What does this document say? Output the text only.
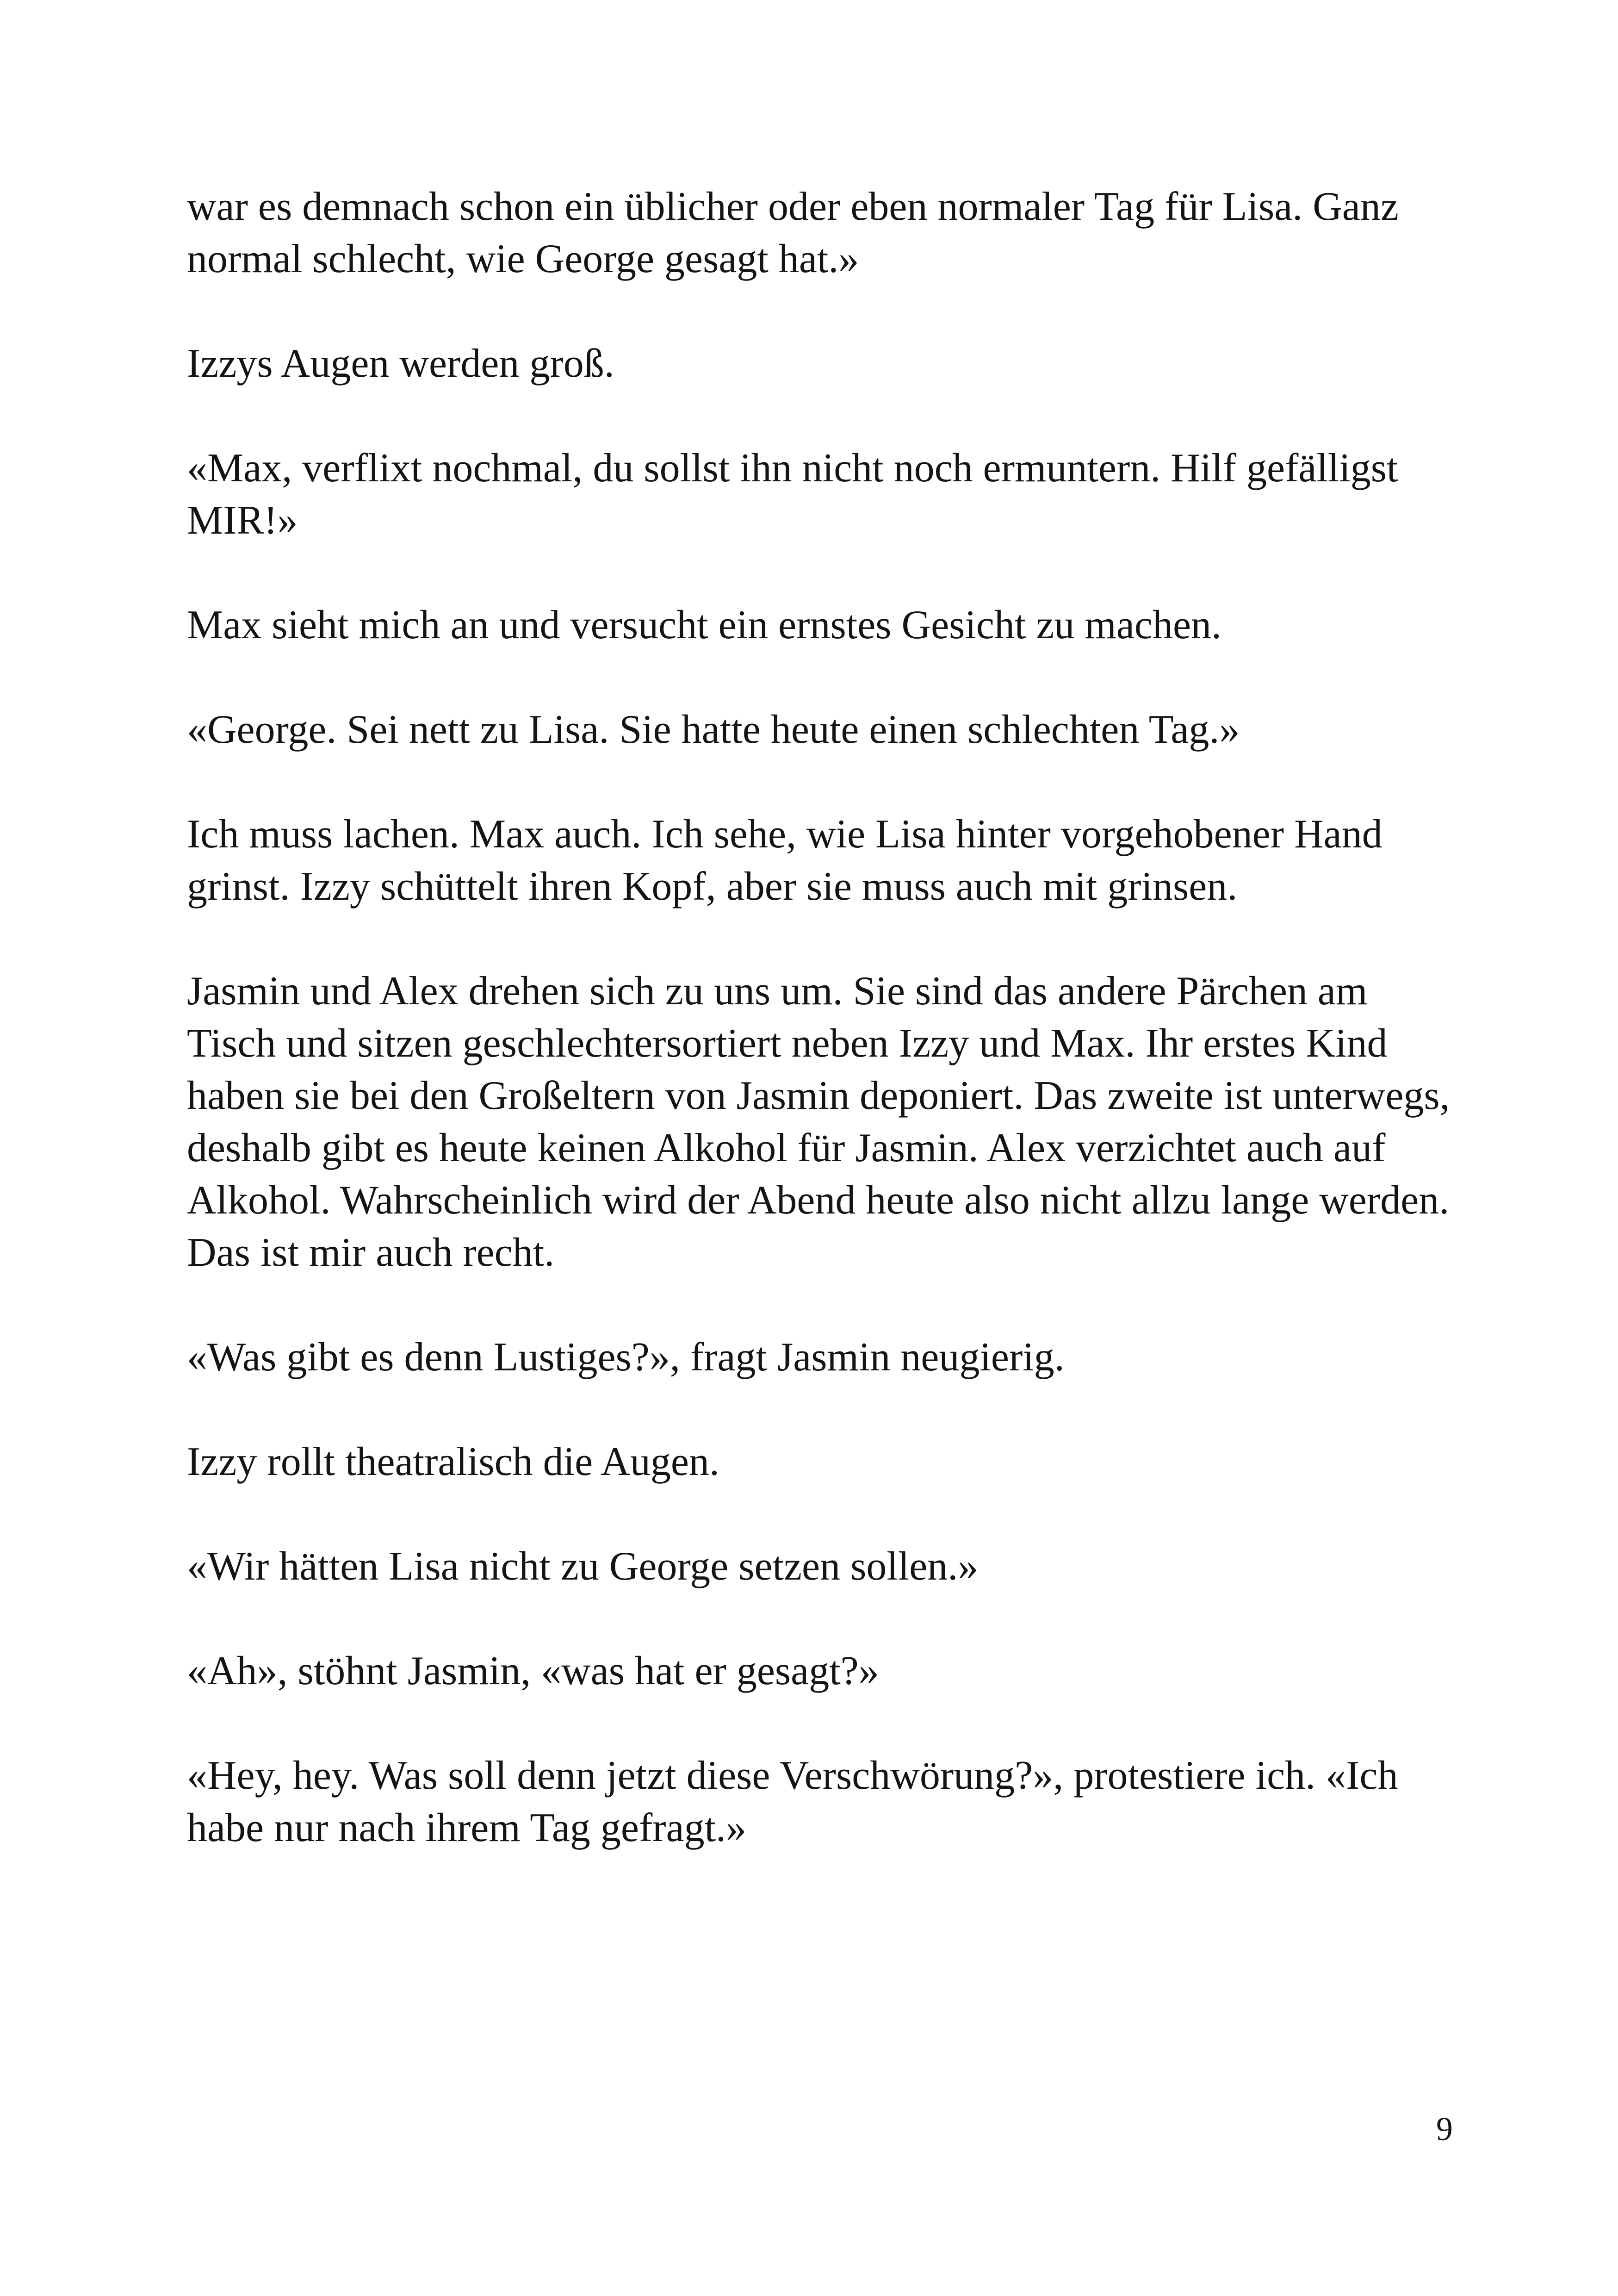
war es demnach schon ein üblicher oder eben normaler Tag für Lisa. Ganz normal schlecht, wie George gesagt hat.»

Izzys Augen werden groß.

«Max, verflixt nochmal, du sollst ihn nicht noch ermuntern. Hilf gefälligst MIR!»

Max sieht mich an und versucht ein ernstes Gesicht zu machen.

«George. Sei nett zu Lisa. Sie hatte heute einen schlechten Tag.»

Ich muss lachen. Max auch. Ich sehe, wie Lisa hinter vorgehobener Hand grinst. Izzy schüttelt ihren Kopf, aber sie muss auch mit grinsen.

Jasmin und Alex drehen sich zu uns um. Sie sind das andere Pärchen am Tisch und sitzen geschlechtersortiert neben Izzy und Max. Ihr erstes Kind haben sie bei den Großeltern von Jasmin deponiert. Das zweite ist unterwegs, deshalb gibt es heute keinen Alkohol für Jasmin. Alex verzichtet auch auf Alkohol. Wahrscheinlich wird der Abend heute also nicht allzu lange werden. Das ist mir auch recht.

«Was gibt es denn Lustiges?», fragt Jasmin neugierig.

Izzy rollt theatralisch die Augen.

«Wir hätten Lisa nicht zu George setzen sollen.»

«Ah», stöhnt Jasmin, «was hat er gesagt?»

«Hey, hey. Was soll denn jetzt diese Verschwörung?», protestiere ich. «Ich habe nur nach ihrem Tag gefragt.»

9
